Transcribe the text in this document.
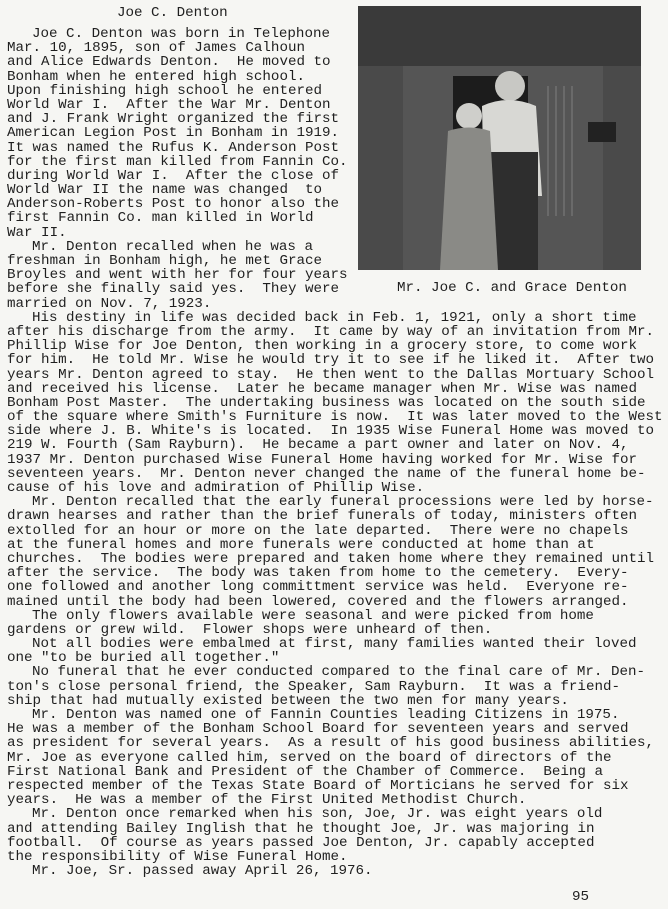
Joe C. Denton
Mr. Joe C. and Grace Denton
Joe C. Denton was born in Telephone
Mar. 10, 1895, son of James Calhoun
and Alice Edwards Denton.  He moved to
Bonham when he entered high school.
Upon finishing high school he entered
World War I.  After the War Mr. Denton
and J. Frank Wright organized the first
American Legion Post in Bonham in 1919.
It was named the Rufus K. Anderson Post
for the first man killed from Fannin Co.
during World War I.  After the close of
World War II the name was changed  to
Anderson-Roberts Post to honor also the
first Fannin Co. man killed in World
War II.
Mr. Denton recalled when he was a
freshman in Bonham high, he met Grace
Broyles and went with her for four years
before she finally said yes.  They were
married on Nov. 7, 1923.
His destiny in life was decided back in Feb. 1, 1921, only a short time
after his discharge from the army.  It came by way of an invitation from Mr.
Phillip Wise for Joe Denton, then working in a grocery store, to come work
for him.  He told Mr. Wise he would try it to see if he liked it.  After two
years Mr. Denton agreed to stay.  He then went to the Dallas Mortuary School
and received his license.  Later he became manager when Mr. Wise was named
Bonham Post Master.  The undertaking business was located on the south side
of the square where Smith's Furniture is now.  It was later moved to the West
side where J. B. White's is located.  In 1935 Wise Funeral Home was moved to
219 W. Fourth (Sam Rayburn).  He became a part owner and later on Nov. 4,
1937 Mr. Denton purchased Wise Funeral Home having worked for Mr. Wise for
seventeen years.  Mr. Denton never changed the name of the funeral home be-
cause of his love and admiration of Phillip Wise.
Mr. Denton recalled that the early funeral processions were led by horse-
drawn hearses and rather than the brief funerals of today, ministers often
extolled for an hour or more on the late departed.  There were no chapels
at the funeral homes and more funerals were conducted at home than at
churches.  The bodies were prepared and taken home where they remained until
after the service.  The body was taken from home to the cemetery.  Every-
one followed and another long committment service was held.  Everyone re-
mained until the body had been lowered, covered and the flowers arranged.
The only flowers available were seasonal and were picked from home
gardens or grew wild.  Flower shops were unheard of then.
Not all bodies were embalmed at first, many families wanted their loved
one "to be buried all together."
No funeral that he ever conducted compared to the final care of Mr. Den-
ton's close personal friend, the Speaker, Sam Rayburn.  It was a friend-
ship that had mutually existed between the two men for many years.
Mr. Denton was named one of Fannin Counties leading Citizens in 1975.
He was a member of the Bonham School Board for seventeen years and served
as president for several years.  As a result of his good business abilities,
Mr. Joe as everyone called him, served on the board of directors of the
First National Bank and President of the Chamber of Commerce.  Being a
respected member of the Texas State Board of Morticians he served for six
years.  He was a member of the First United Methodist Church.
Mr. Denton once remarked when his son, Joe, Jr. was eight years old
and attending Bailey Inglish that he thought Joe, Jr. was majoring in
football.  Of course as years passed Joe Denton, Jr. capably accepted
the responsibility of Wise Funeral Home.
Mr. Joe, Sr. passed away April 26, 1976.
95
